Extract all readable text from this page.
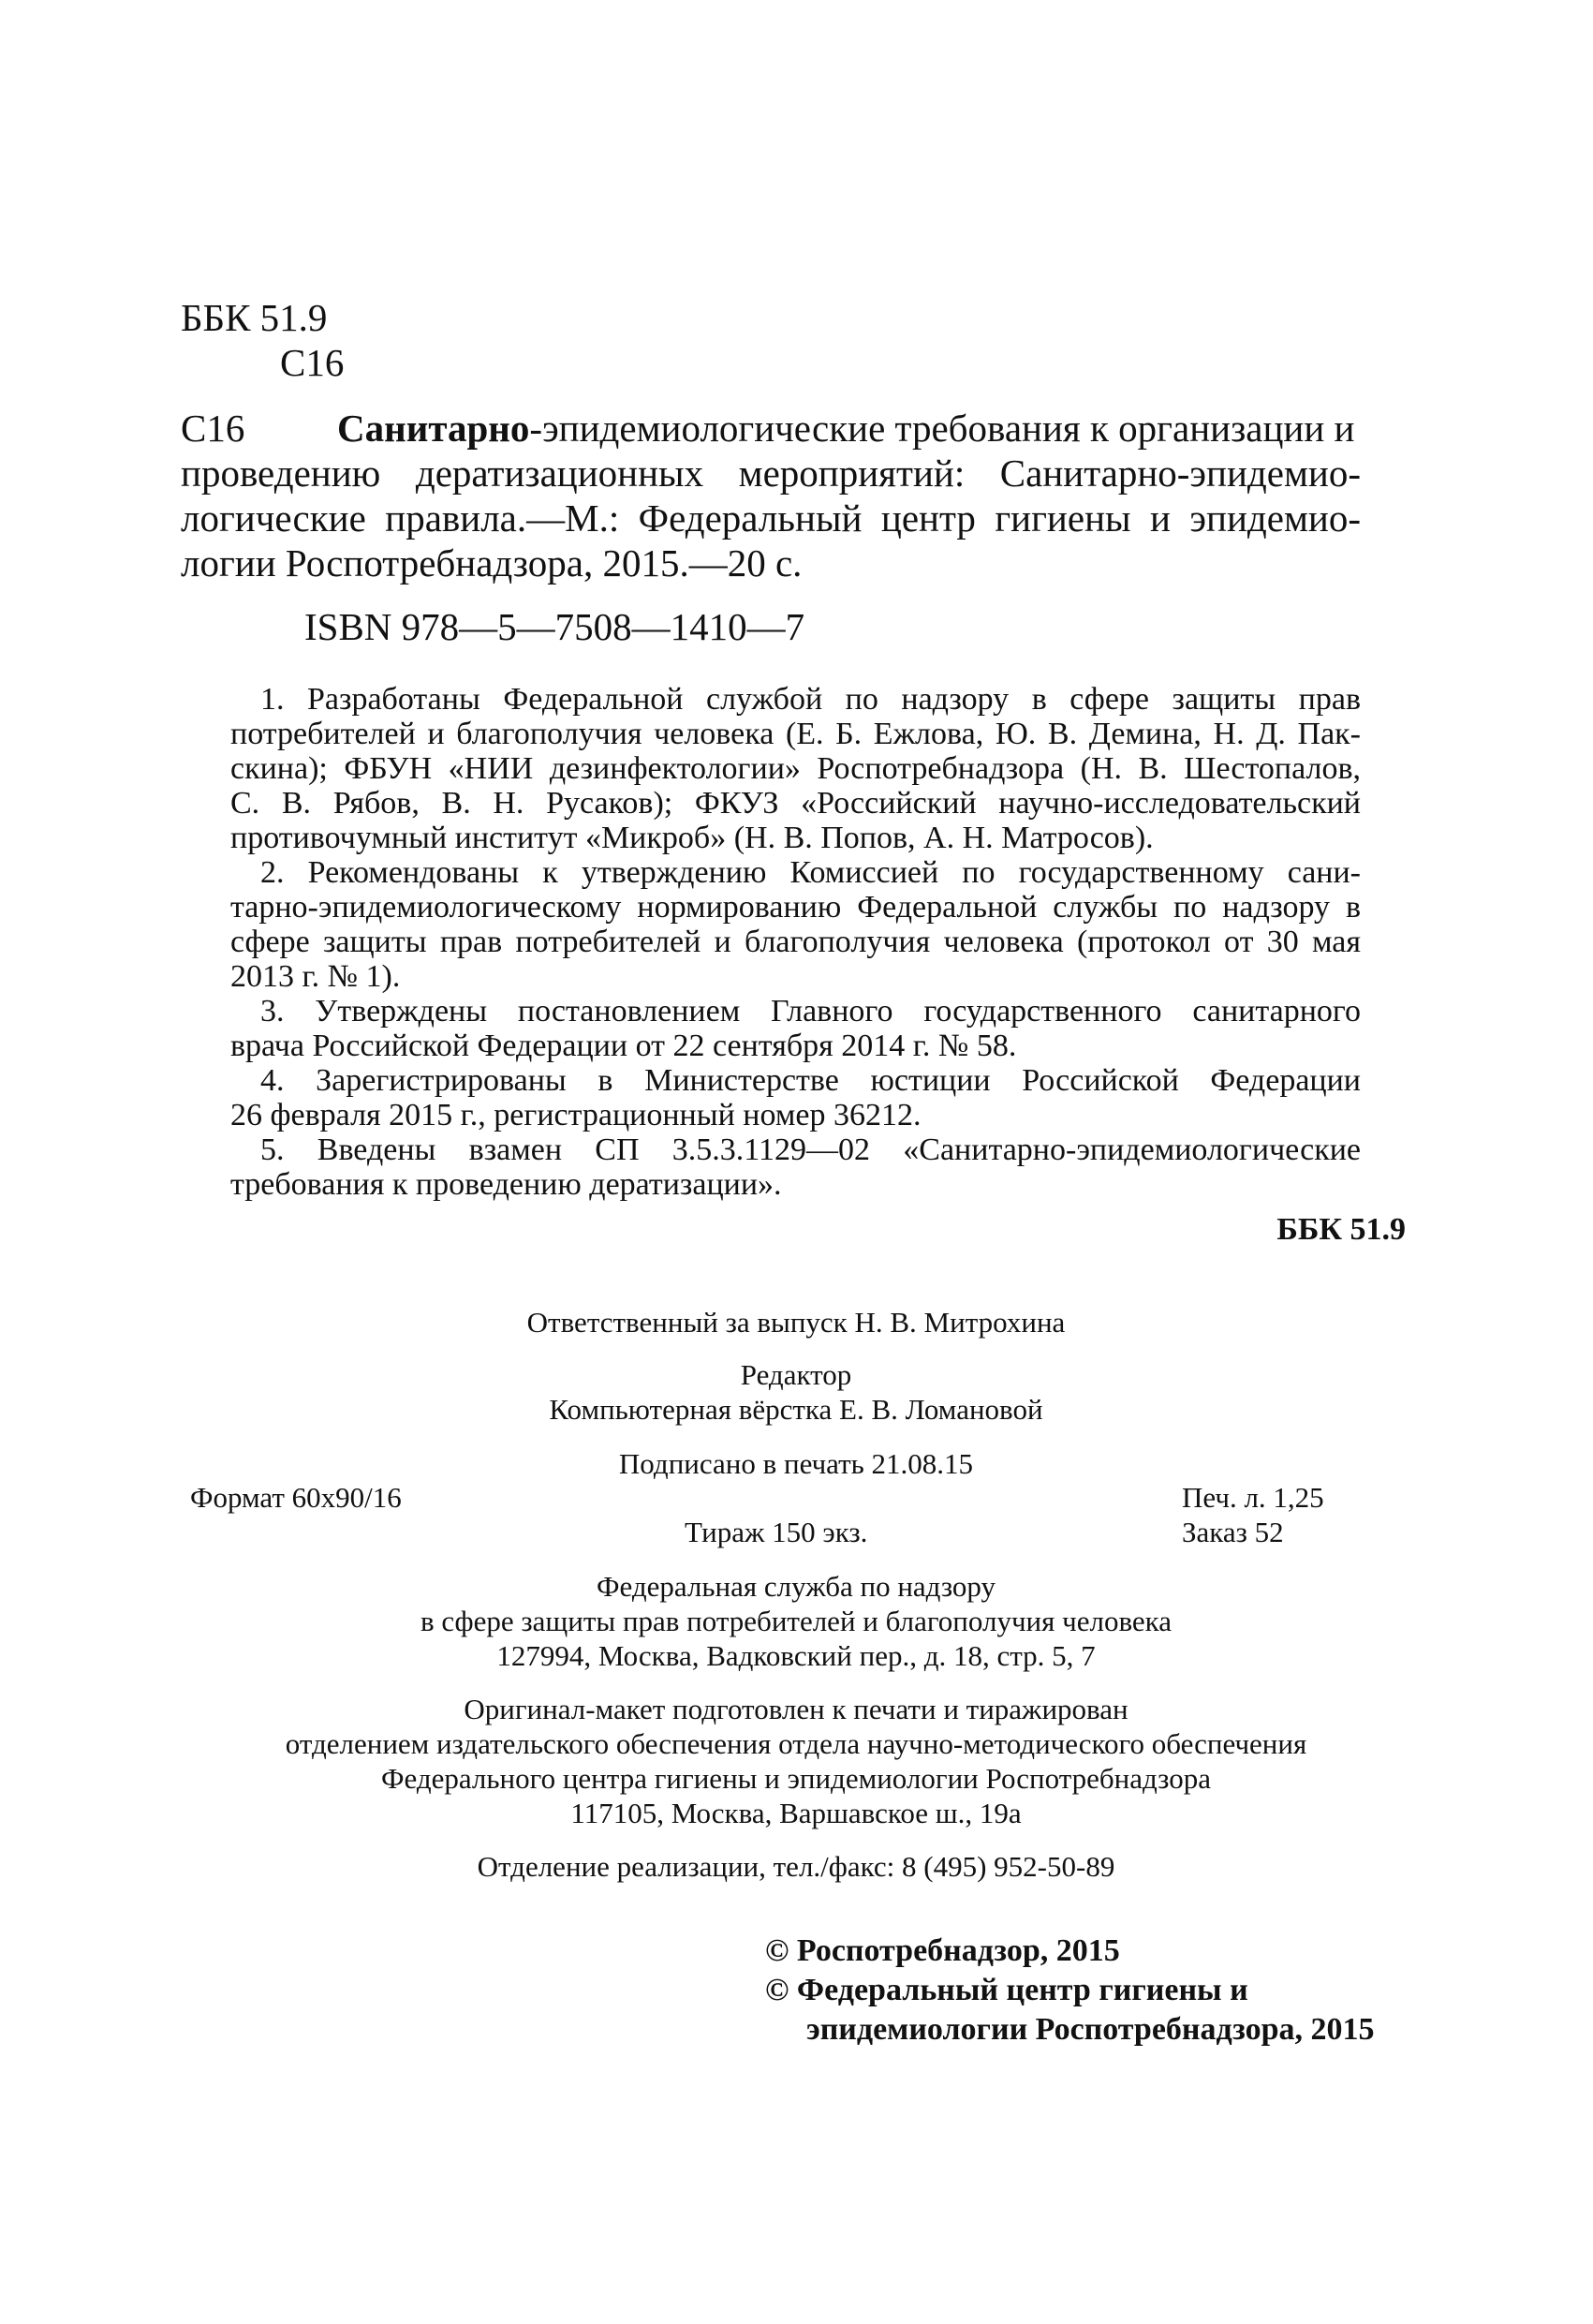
ББК 51.9
С16
С16 Санитарно-эпидемиологические требования к организации и
проведению дератизационных мероприятий: Санитарно-эпидемио-
логические правила.—М.: Федеральный центр гигиены и эпидемио-
логии Роспотребнадзора, 2015.—20 с.
ISBN 978—5—7508—1410—7
1. Разработаны Федеральной службой по надзору в сфере защиты прав
потребителей и благополучия человека (Е. Б. Ежлова, Ю. В. Демина, Н. Д. Пак-
скина); ФБУН «НИИ дезинфектологии» Роспотребнадзора (Н. В. Шестопалов,
С. В. Рябов, В. Н. Русаков); ФКУЗ «Российский научно-исследовательский
противочумный институт «Микроб» (Н. В. Попов, А. Н. Матросов).
2. Рекомендованы к утверждению Комиссией по государственному сани-
тарно-эпидемиологическому нормированию Федеральной службы по надзору в
сфере защиты прав потребителей и благополучия человека (протокол от 30 мая
2013 г. № 1).
3. Утверждены постановлением Главного государственного санитарного
врача Российской Федерации от 22 сентября 2014 г. № 58.
4. Зарегистрированы в Министерстве юстиции Российской Федерации
26 февраля 2015 г., регистрационный номер 36212.
5. Введены взамен СП 3.5.3.1129—02 «Санитарно-эпидемиологические
требования к проведению дератизации».
ББК 51.9
Ответственный за выпуск Н. В. Митрохина
Редактор
Компьютерная вёрстка Е. В. Ломановой
Подписано в печать 21.08.15
Формат 60х90/16	Печ. л. 1,25
Тираж 150 экз.	Заказ 52
Федеральная служба по надзору
в сфере защиты прав потребителей и благополучия человека
127994, Москва, Вадковский пер., д. 18, стр. 5, 7
Оригинал-макет подготовлен к печати и тиражирован
отделением издательского обеспечения отдела научно-методического обеспечения
Федерального центра гигиены и эпидемиологии Роспотребнадзора
117105, Москва, Варшавское ш., 19а
Отделение реализации, тел./факс: 8 (495) 952-50-89
© Роспотребнадзор, 2015
© Федеральный центр гигиены и
эпидемиологии Роспотребнадзора, 2015
